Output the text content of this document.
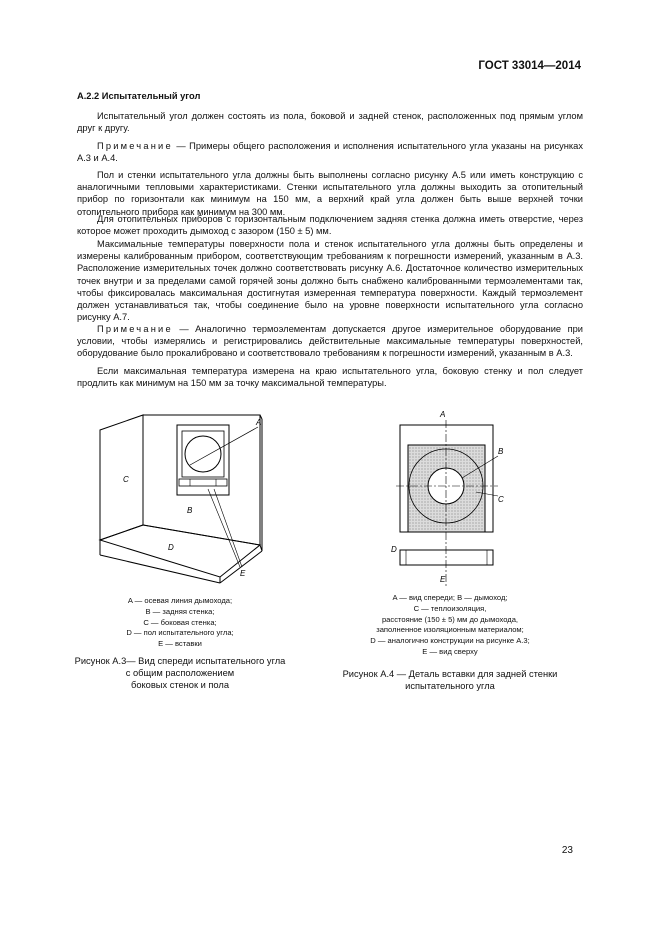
ГОСТ 33014—2014
А.2.2 Испытательный угол

Испытательный угол должен состоять из пола, боковой и задней стенок, расположенных под прямым углом друг к другу.

Примечание — Примеры общего расположения и исполнения испытательного угла указаны на рисунках А.3 и А.4.

Пол и стенки испытательного угла должны быть выполнены согласно рисунку А.5 или иметь конструкцию с аналогичными тепловыми характеристиками. Стенки испытательного угла должны выходить за отопительный прибор по горизонтали как минимум на 150 мм, а верхний край угла должен быть выше верхней точки отопительного прибора как минимум на 300 мм.

Для отопительных приборов с горизонтальным подключением задняя стенка должна иметь отверстие, через которое может проходить дымоход с зазором (150 ± 5) мм.

Максимальные температуры поверхности пола и стенок испытательного угла должны быть определены и измерены калиброванным прибором, соответствующим требованиям к погрешности измерений, указанным в А.3. Расположение измерительных точек должно соответствовать рисунку А.6. Достаточное количество измерительных точек внутри и за пределами самой горячей зоны должно быть снабжено калиброванными термоэлементами так, чтобы фиксировалась максимальная достигнутая измеренная температура поверхности. Каждый термоэлемент должен устанавливаться так, чтобы соединение было на уровне поверхности испытательного угла согласно рисунку А.7.

Примечание — Аналогично термоэлементам допускается другое измерительное оборудование при условии, чтобы измерялись и регистрировались действительные максимальные температуры поверхностей, оборудование было прокалибровано и соответствовало требованиям к погрешности измерений, указанным в А.3.

Если максимальная температура измерена на краю испытательного угла, боковую стенку и пол следует продлить как минимум на 150 мм за точку максимальной температуры.

A
B
C
D
E
A — осевая линия дымохода;
B — задняя стенка;
C — боковая стенка;
D — пол испытательного угла;
E — вставки
Рисунок А.3— Вид спереди испытательного угла
с общим расположением
боковых стенок и пола
A
B
C
D
E
A — вид спереди; B — дымоход;
C — теплоизоляция,
расстояние (150 ± 5) мм до дымохода,
заполненное изоляционным материалом;
D — аналогично конструкции на рисунке А.3;
E — вид сверху
Рисунок А.4 — Деталь вставки для задней стенки
испытательного угла
23
